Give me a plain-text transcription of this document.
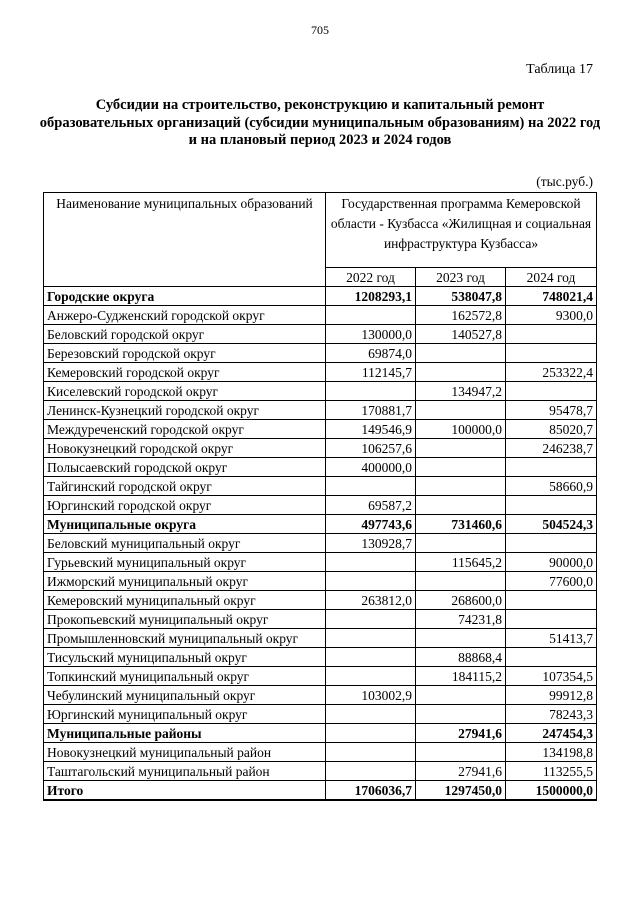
705
Таблица 17
Субсидии на строительство, реконструкцию и капитальный ремонт
образовательных организаций (субсидии муниципальным образованиям) на 2022 год
и на плановый период 2023 и 2024 годов
(тыс.руб.)
Наименование муниципальных образований	Государственная программа Кемеровской области - Кузбасса «Жилищная и социальная инфраструктура Кузбасса»		
	2022 год	2023 год	2024 год
Городские округа	1208293,1	538047,8	748021,4
Анжеро-Судженский городской округ		162572,8	9300,0
Беловский городской округ	130000,0	140527,8	
Березовский городской округ	69874,0		
Кемеровский городской округ	112145,7		253322,4
Киселевский городской округ		134947,2	
Ленинск-Кузнецкий городской округ	170881,7		95478,7
Междуреченский городской округ	149546,9	100000,0	85020,7
Новокузнецкий городской округ	106257,6		246238,7
Полысаевский городской округ	400000,0		
Тайгинский городской округ			58660,9
Юргинский городской округ	69587,2		
Муниципальные округа	497743,6	731460,6	504524,3
Беловский муниципальный округ	130928,7		
Гурьевский муниципальный округ		115645,2	90000,0
Ижморский муниципальный округ			77600,0
Кемеровский муниципальный округ	263812,0	268600,0	
Прокопьевский муниципальный округ		74231,8	
Промышленновский муниципальный округ			51413,7
Тисульский муниципальный округ		88868,4	
Топкинский муниципальный округ		184115,2	107354,5
Чебулинский муниципальный округ	103002,9		99912,8
Юргинский муниципальный округ			78243,3
Муниципальные районы		27941,6	247454,3
Новокузнецкий муниципальный район			134198,8
Таштагольский муниципальный район		27941,6	113255,5
Итого	1706036,7	1297450,0	1500000,0
